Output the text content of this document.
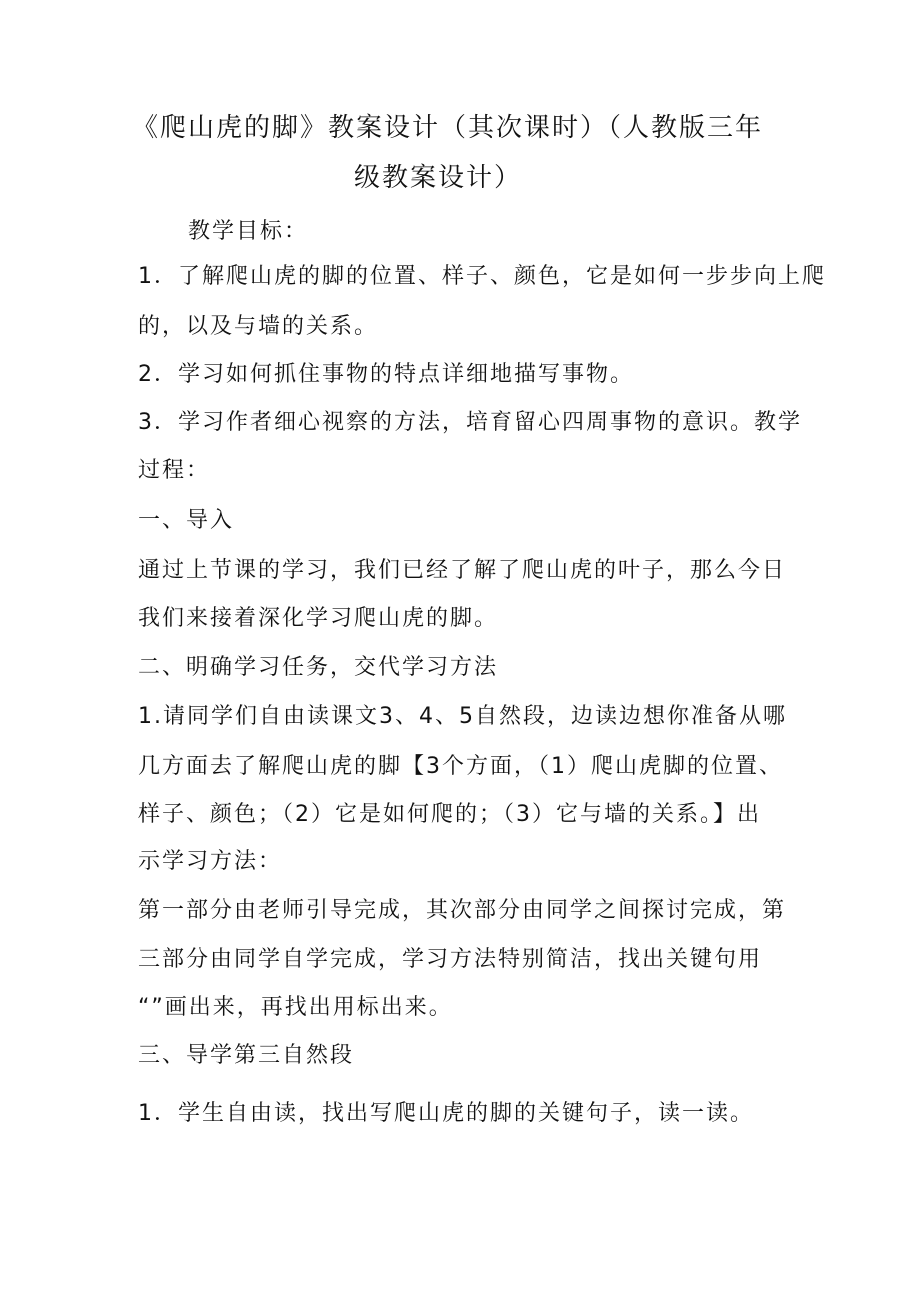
《爬山虎的脚》教案设计（其次课时）（人教版三年
级教案设计）
教学目标：
1．了解爬山虎的脚的位置、样子、颜色，它是如何一步步向上爬
的，以及与墙的关系。
2．学习如何抓住事物的特点详细地描写事物。
3．学习作者细心视察的方法，培育留心四周事物的意识。教学
过程：
一、导入
通过上节课的学习，我们已经了解了爬山虎的叶子，那么今日
我们来接着深化学习爬山虎的脚。
二、明确学习任务，交代学习方法
1.请同学们自由读课文3、4、5自然段，边读边想你准备从哪
几方面去了解爬山虎的脚【3个方面，（1）爬山虎脚的位置、
样子、颜色；（2）它是如何爬的；（3）它与墙的关系。】出
示学习方法：
第一部分由老师引导完成，其次部分由同学之间探讨完成，第
三部分由同学自学完成，学习方法特别简洁，找出关键句用
“”画出来，再找出用标出来。
三、导学第三自然段
1．学生自由读，找出写爬山虎的脚的关键句子，读一读。
